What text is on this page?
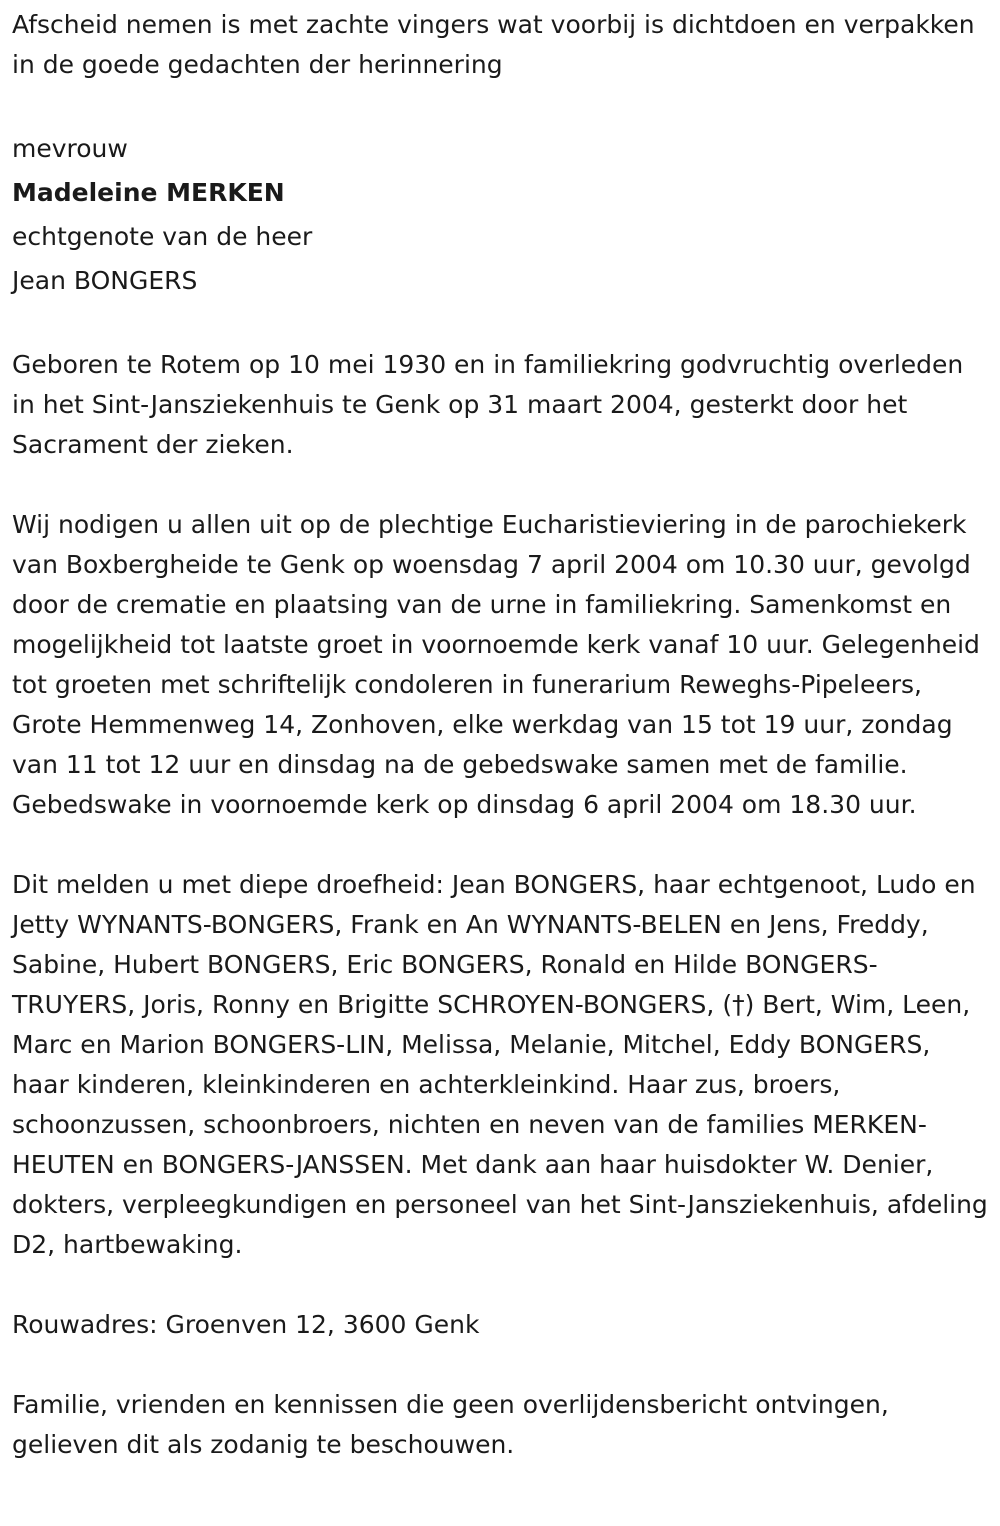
Afscheid nemen is met zachte vingers wat voorbij is dichtdoen en verpakken in de goede gedachten der herinnering

mevrouw

Madeleine MERKEN

echtgenote van de heer

Jean BONGERS

Geboren te Rotem op 10 mei 1930 en in familiekring godvruchtig overleden in het Sint-Jansziekenhuis te Genk op 31 maart 2004, gesterkt door het Sacrament der zieken.

Wij nodigen u allen uit op de plechtige Eucharistieviering in de parochiekerk van Boxbergheide te Genk op woensdag 7 april 2004 om 10.30 uur, gevolgd door de crematie en plaatsing van de urne in familiekring. Samenkomst en mogelijkheid tot laatste groet in voornoemde kerk vanaf 10 uur. Gelegenheid tot groeten met schriftelijk condoleren in funerarium Reweghs-Pipeleers, Grote Hemmenweg 14, Zonhoven, elke werkdag van 15 tot 19 uur, zondag van 11 tot 12 uur en dinsdag na de gebedswake samen met de familie. Gebedswake in voornoemde kerk op dinsdag 6 april 2004 om 18.30 uur.

Dit melden u met diepe droefheid: Jean BONGERS, haar echtgenoot, Ludo en Jetty WYNANTS-BONGERS, Frank en An WYNANTS-BELEN en Jens, Freddy, Sabine, Hubert BONGERS, Eric BONGERS, Ronald en Hilde BONGERS-TRUYERS, Joris, Ronny en Brigitte SCHROYEN-BONGERS, (†) Bert, Wim, Leen, Marc en Marion BONGERS-LIN, Melissa, Melanie, Mitchel, Eddy BONGERS, haar kinderen, kleinkinderen en achterkleinkind. Haar zus, broers, schoonzussen, schoonbroers, nichten en neven van de families MERKEN-HEUTEN en BONGERS-JANSSEN. Met dank aan haar huisdokter W. Denier, dokters, verpleegkundigen en personeel van het Sint-Jansziekenhuis, afdeling D2, hartbewaking.

Rouwadres: Groenven 12, 3600 Genk

Familie, vrienden en kennissen die geen overlijdensbericht ontvingen, gelieven dit als zodanig te beschouwen.
